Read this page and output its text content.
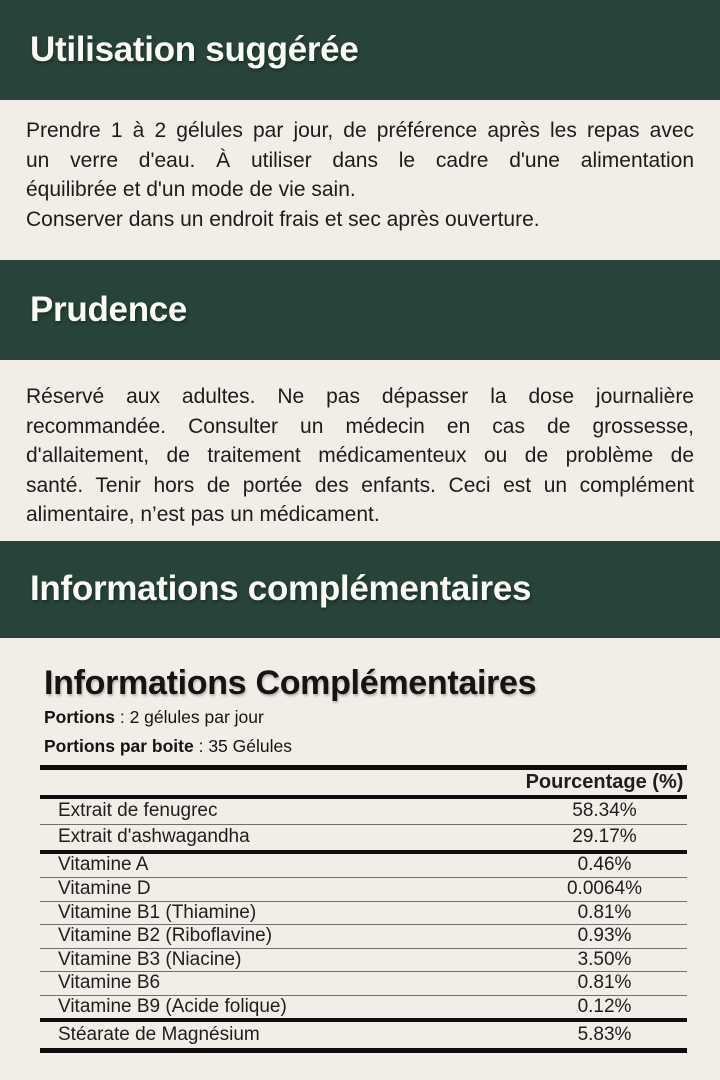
Utilisation suggérée
Prendre 1 à 2 gélules par jour, de préférence après les repas avec
un verre d'eau. À utiliser dans le cadre d'une alimentation
équilibrée et d'un mode de vie sain.
Conserver dans un endroit frais et sec après ouverture.
Prudence
Réservé aux adultes. Ne pas dépasser la dose journalière
recommandée. Consulter un médecin en cas de grossesse,
d'allaitement, de traitement médicamenteux ou de problème de
santé. Tenir hors de portée des enfants. Ceci est un complément
alimentaire, n’est pas un médicament.
Informations complémentaires
Informations Complémentaires
Portions : 2 gélules par jour
Portions par boite : 35 Gélules
Pourcentage (%)
Extrait de fenugrec	58.34%
Extrait d'ashwagandha	29.17%
Vitamine A	0.46%
Vitamine D	0.0064%
Vitamine B1 (Thiamine)	0.81%
Vitamine B2 (Riboflavine)	0.93%
Vitamine B3 (Niacine)	3.50%
Vitamine B6	0.81%
Vitamine B9 (Acide folique)	0.12%
Stéarate de Magnésium	5.83%
